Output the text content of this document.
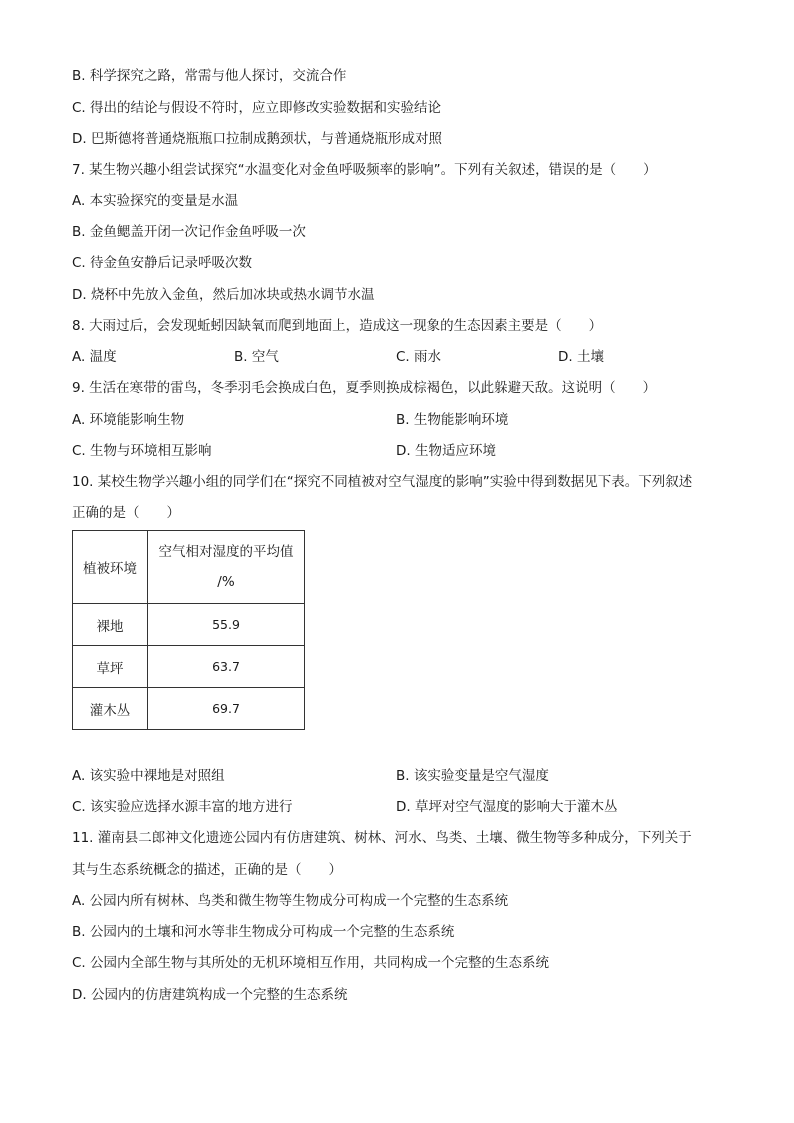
B. 科学探究之路，常需与他人探讨，交流合作
C. 得出的结论与假设不符时，应立即修改实验数据和实验结论
D. 巴斯德将普通烧瓶瓶口拉制成鹅颈状，与普通烧瓶形成对照
7. 某生物兴趣小组尝试探究“水温变化对金鱼呼吸频率的影响”。下列有关叙述，错误的是（　　）
A. 本实验探究的变量是水温
B. 金鱼鳃盖开闭一次记作金鱼呼吸一次
C. 待金鱼安静后记录呼吸次数
D. 烧杯中先放入金鱼，然后加冰块或热水调节水温
8. 大雨过后，会发现蚯蚓因缺氧而爬到地面上，造成这一现象的生态因素主要是（　　）
A. 温度	B. 空气	C. 雨水	D. 土壤
9. 生活在寒带的雷鸟，冬季羽毛会换成白色，夏季则换成棕褐色，以此躲避天敌。这说明（　　）
A. 环境能影响生物	B. 生物能影响环境
C. 生物与环境相互影响	D. 生物适应环境
10. 某校生物学兴趣小组的同学们在“探究不同植被对空气湿度的影响”实验中得到数据见下表。下列叙述
正确的是（　　）
植被环境	空气相对湿度的平均值
/%

裸地	55.9
草坪	63.7
灌木丛	69.7
A. 该实验中裸地是对照组	B. 该实验变量是空气湿度
C. 该实验应选择水源丰富的地方进行	D. 草坪对空气湿度的影响大于灌木丛
11. 灌南县二郎神文化遗迹公园内有仿唐建筑、树林、河水、鸟类、土壤、微生物等多种成分，下列关于
其与生态系统概念的描述，正确的是（　　）
A. 公园内所有树林、鸟类和微生物等生物成分可构成一个完整的生态系统
B. 公园内的土壤和河水等非生物成分可构成一个完整的生态系统
C. 公园内全部生物与其所处的无机环境相互作用，共同构成一个完整的生态系统
D. 公园内的仿唐建筑构成一个完整的生态系统
